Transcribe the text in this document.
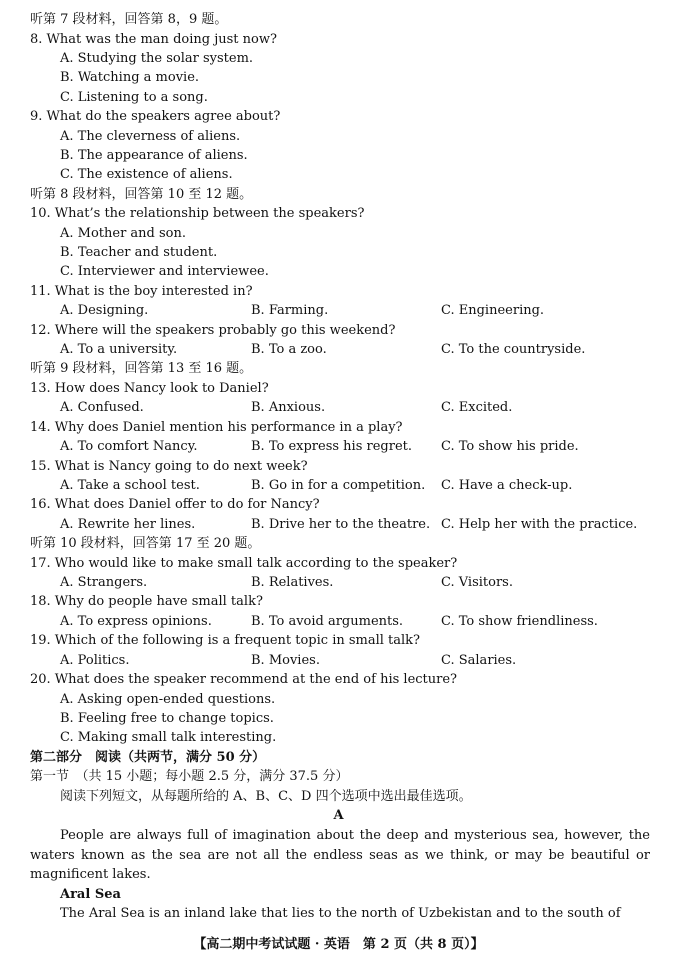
听第 7 段材料，回答第 8，9 题。
8. What was the man doing just now?
A. Studying the solar system.
B. Watching a movie.
C. Listening to a song.
9. What do the speakers agree about?
A. The cleverness of aliens.
B. The appearance of aliens.
C. The existence of aliens.
听第 8 段材料，回答第 10 至 12 题。
10. What’s the relationship between the speakers?
A. Mother and son.
B. Teacher and student.
C. Interviewer and interviewee.
11. What is the boy interested in?
A. Designing.	B. Farming.	C. Engineering.
12. Where will the speakers probably go this weekend?
A. To a university.	B. To a zoo.	C. To the countryside.
听第 9 段材料，回答第 13 至 16 题。
13. How does Nancy look to Daniel?
A. Confused.	B. Anxious.	C. Excited.
14. Why does Daniel mention his performance in a play?
A. To comfort Nancy.	B. To express his regret. C. To show his pride.
15. What is Nancy going to do next week?
A. Take a school test.	B. Go in for a competition. C. Have a check-up.
16. What does Daniel offer to do for Nancy?
A. Rewrite her lines.	B. Drive her to the theatre. C. Help her with the practice.
听第 10 段材料，回答第 17 至 20 题。
17. Who would like to make small talk according to the speaker?
A. Strangers.	B. Relatives.	C. Visitors.
18. Why do people have small talk?
A. To express opinions.	B. To avoid arguments.	C. To show friendliness.
19. Which of the following is a frequent topic in small talk?
A. Politics.	B. Movies.	C. Salaries.
20. What does the speaker recommend at the end of his lecture?
A. Asking open-ended questions.
B. Feeling free to change topics.
C. Making small talk interesting.
第二部分　阅读（共两节，满分 50 分）
第一节　（共 15 小题；每小题 2.5 分，满分 37.5 分）
阅读下列短文，从每题所给的 A、B、C、D 四个选项中选出最佳选项。
A
People are always full of imagination about the deep and mysterious sea, however, the waters known as the sea are not all the endless seas as we think, or may be beautiful or magnificent lakes.
Aral Sea
The Aral Sea is an inland lake that lies to the north of Uzbekistan and to the south of
【高二期中考试试题 · 英语　第 2 页（共 8 页）】
